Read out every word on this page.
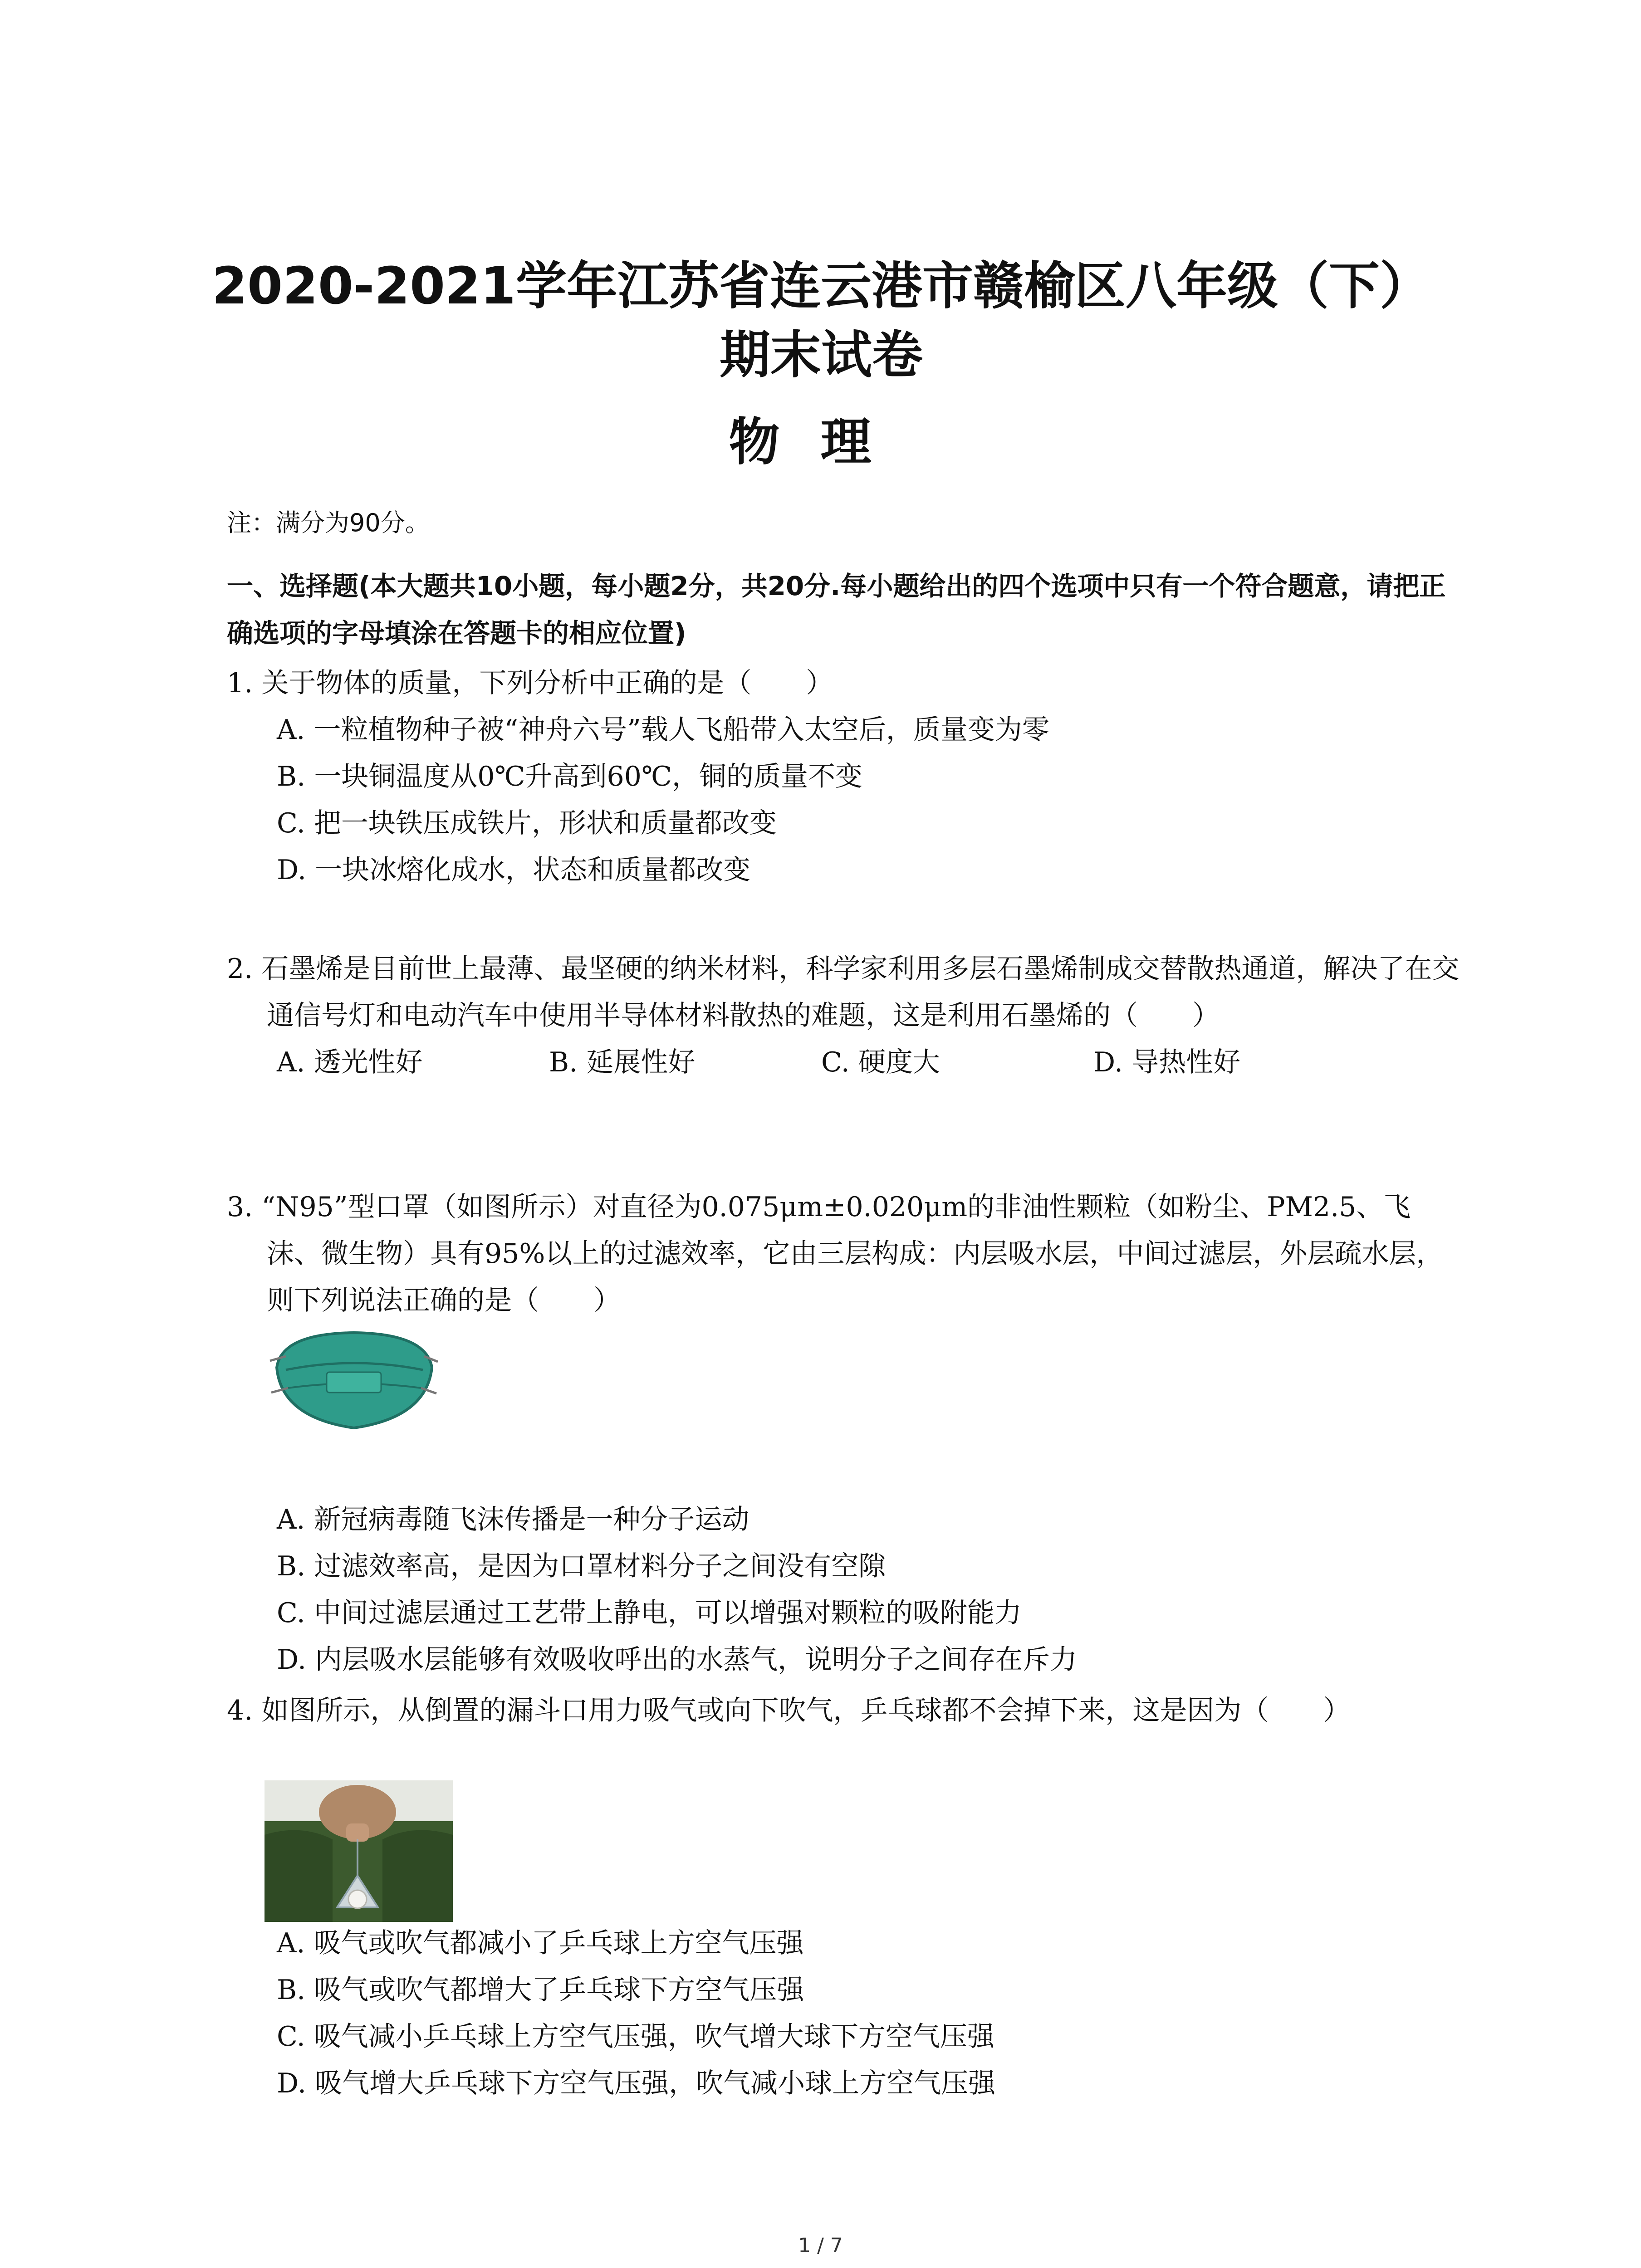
2020-2021学年江苏省连云港市赣榆区八年级（下）期末试卷
物理
注：满分为90分。

一、选择题(本大题共10小题，每小题2分，共20分.每小题给出的四个选项中只有一个符合题意，请把正确选项的字母填涂在答题卡的相应位置)

1. 关于物体的质量，下列分析中正确的是（　　）

A. 一粒植物种子被“神舟六号”载人飞船带入太空后，质量变为零

B. 一块铜温度从0℃升高到60℃，铜的质量不变

C. 把一块铁压成铁片，形状和质量都改变

D. 一块冰熔化成水，状态和质量都改变

2. 石墨烯是目前世上最薄、最坚硬的纳米材料，科学家利用多层石墨烯制成交替散热通道，解决了在交通信号灯和电动汽车中使用半导体材料散热的难题，这是利用石墨烯的（　　）

A. 透光性好	B. 延展性好	C. 硬度大	D. 导热性好

3. “N95”型口罩（如图所示）对直径为0.075μm±0.020μm的非油性颗粒（如粉尘、PM2.5、飞沫、微生物）具有95%以上的过滤效率，它由三层构成：内层吸水层，中间过滤层，外层疏水层，则下列说法正确的是（　　）

A. 新冠病毒随飞沫传播是一种分子运动

B. 过滤效率高，是因为口罩材料分子之间没有空隙

C. 中间过滤层通过工艺带上静电，可以增强对颗粒的吸附能力

D. 内层吸水层能够有效吸收呼出的水蒸气，说明分子之间存在斥力

4. 如图所示，从倒置的漏斗口用力吸气或向下吹气，乒乓球都不会掉下来，这是因为（　　）

A. 吸气或吹气都减小了乒乓球上方空气压强

B. 吸气或吹气都增大了乒乓球下方空气压强

C. 吸气减小乒乓球上方空气压强，吹气增大球下方空气压强

D. 吸气增大乒乓球下方空气压强，吹气减小球上方空气压强

1 / 7
